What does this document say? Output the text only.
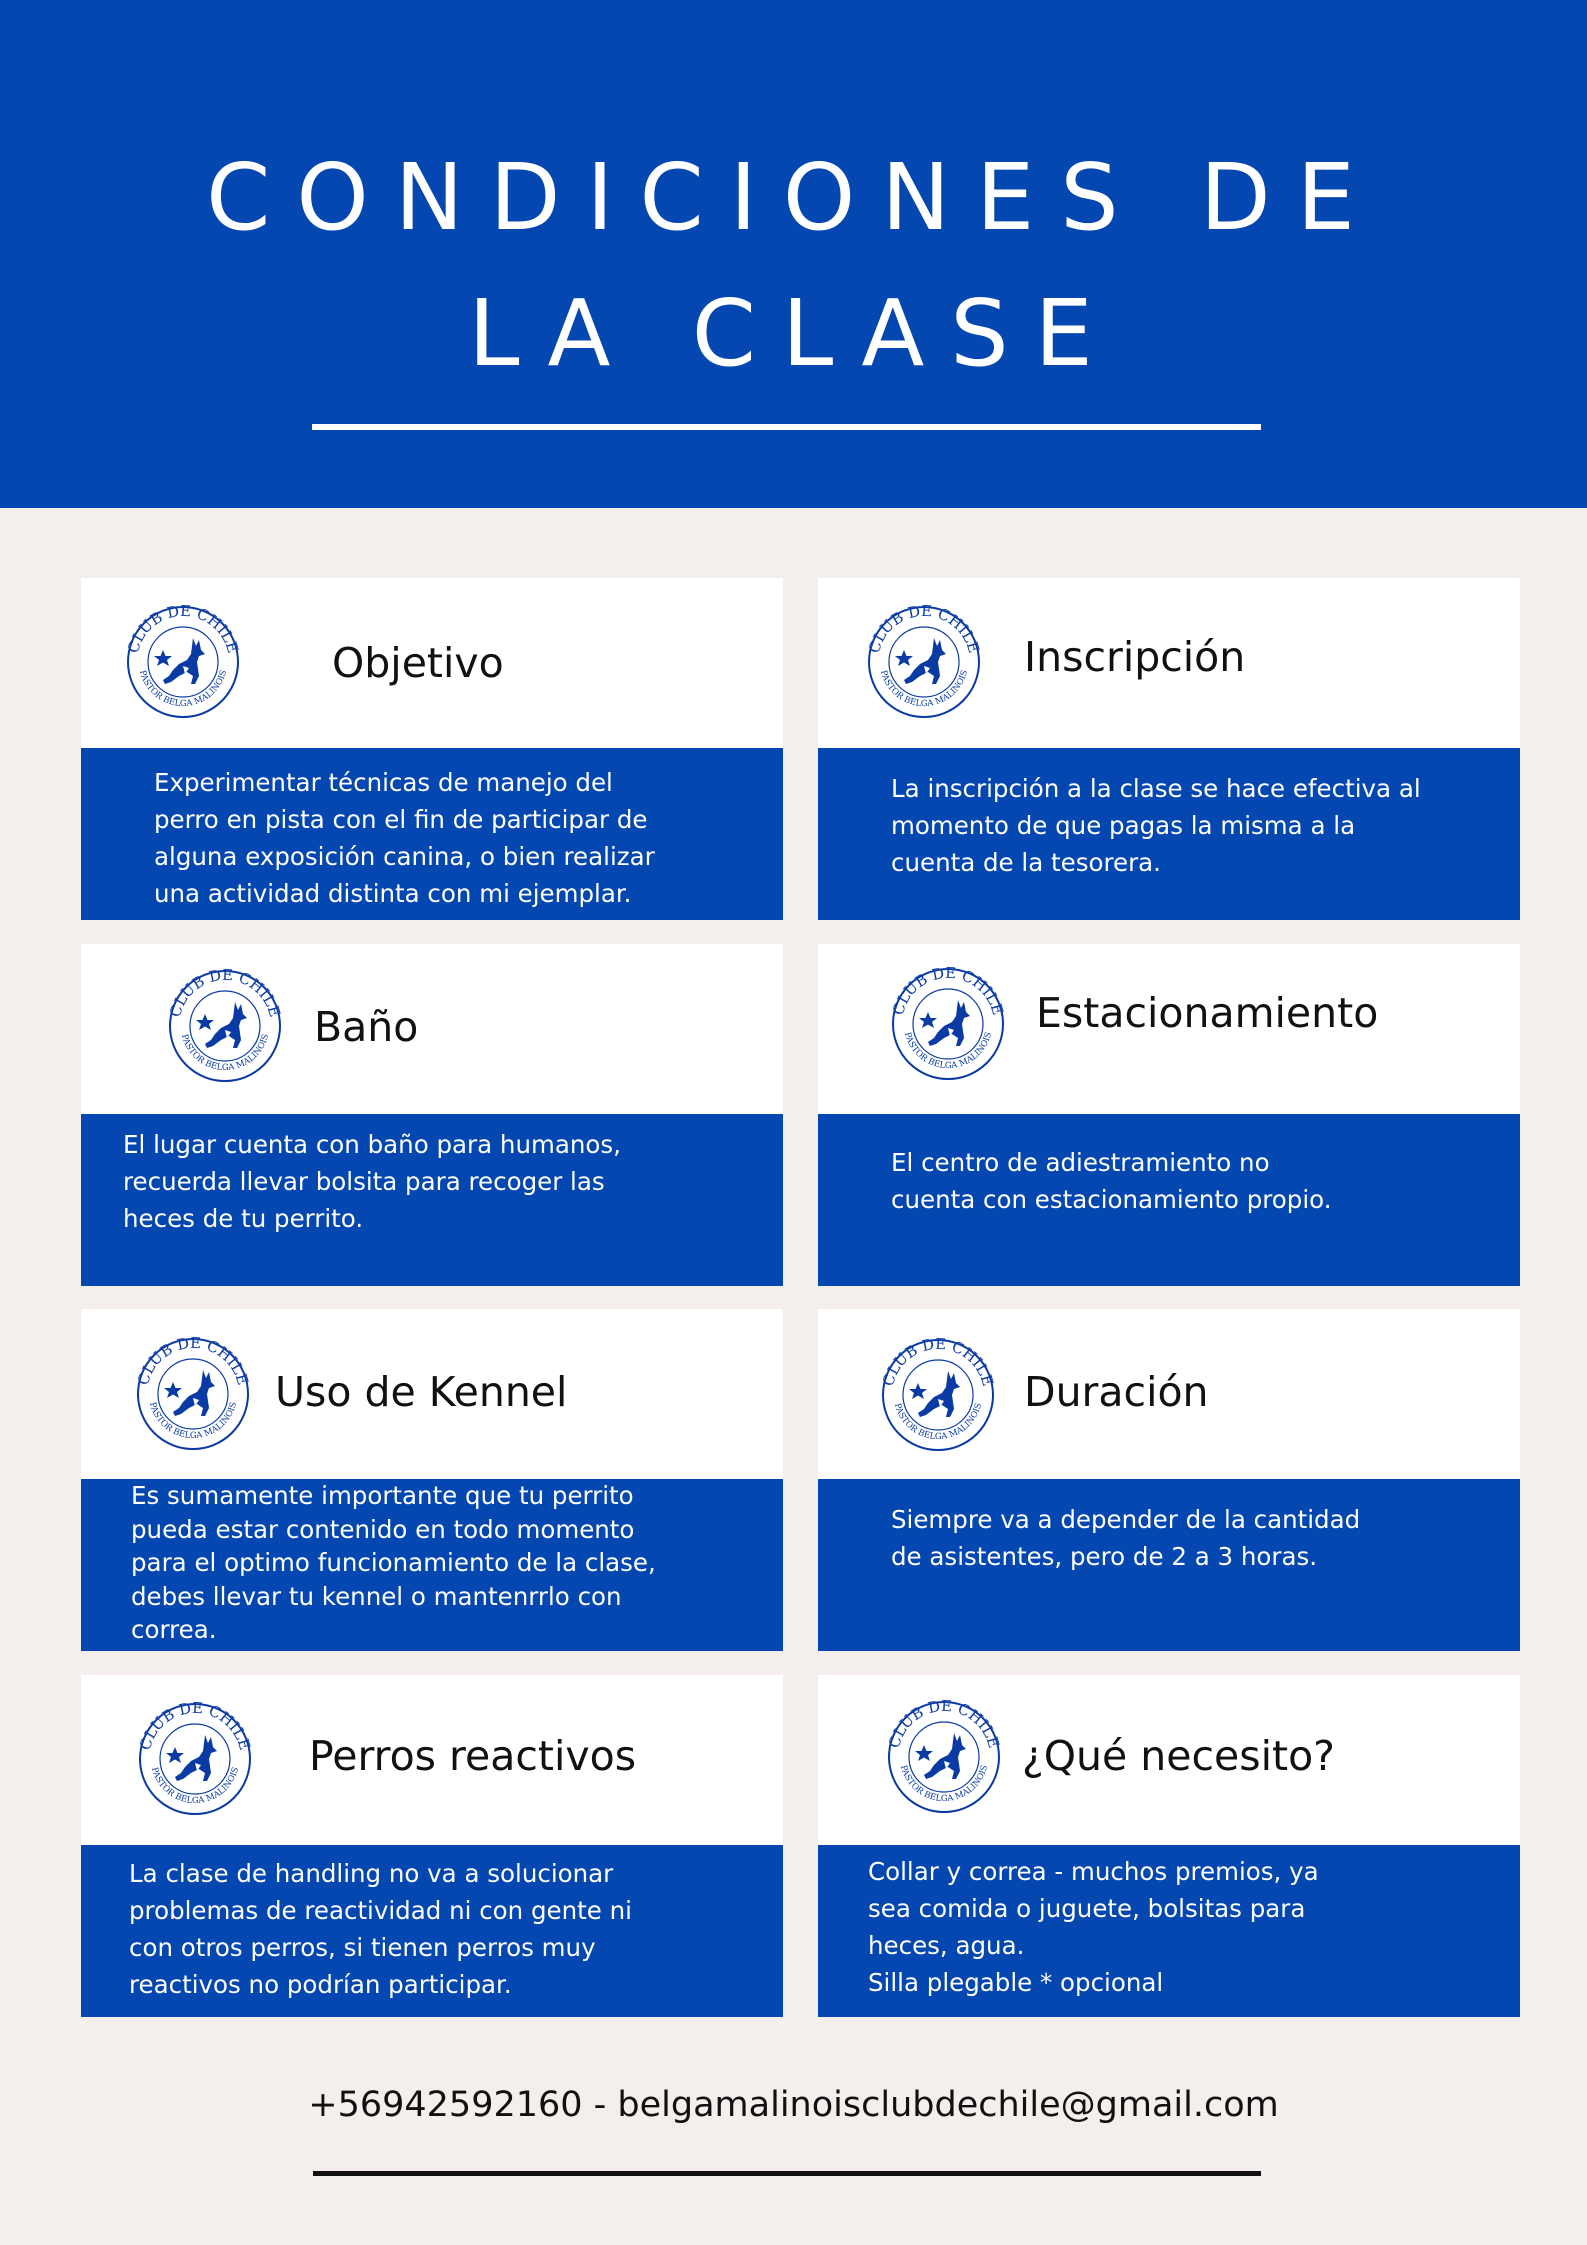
CONDICIONES DE
LA CLASE
Objetivo
Experimentar técnicas de manejo del
perro en pista con el fin de participar de
alguna exposición canina, o bien realizar
una actividad distinta con mi ejemplar.
Inscripción
La inscripción a la clase se hace efectiva al
momento de que pagas la misma a la
cuenta de la tesorera.
Baño
El lugar cuenta con baño para humanos,
recuerda llevar bolsita para recoger las
heces de tu perrito.
Estacionamiento
El centro de adiestramiento no
cuenta con estacionamiento propio.
Uso de Kennel
Es sumamente importante que tu perrito
pueda estar contenido en todo momento
para el optimo funcionamiento de la clase,
debes llevar tu kennel o mantenrrlo con
correa.
Duración
Siempre va a depender de la cantidad
de asistentes, pero de 2 a 3 horas.
Perros reactivos
La clase de handling no va a solucionar
problemas de reactividad ni con gente ni
con otros perros, si tienen perros muy
reactivos no podrían participar.
¿Qué necesito?
Collar y correa - muchos premios, ya
sea comida o juguete, bolsitas para
heces, agua.
Silla plegable * opcional
+56942592160 - belgamalinoisclubdechile@gmail.com
